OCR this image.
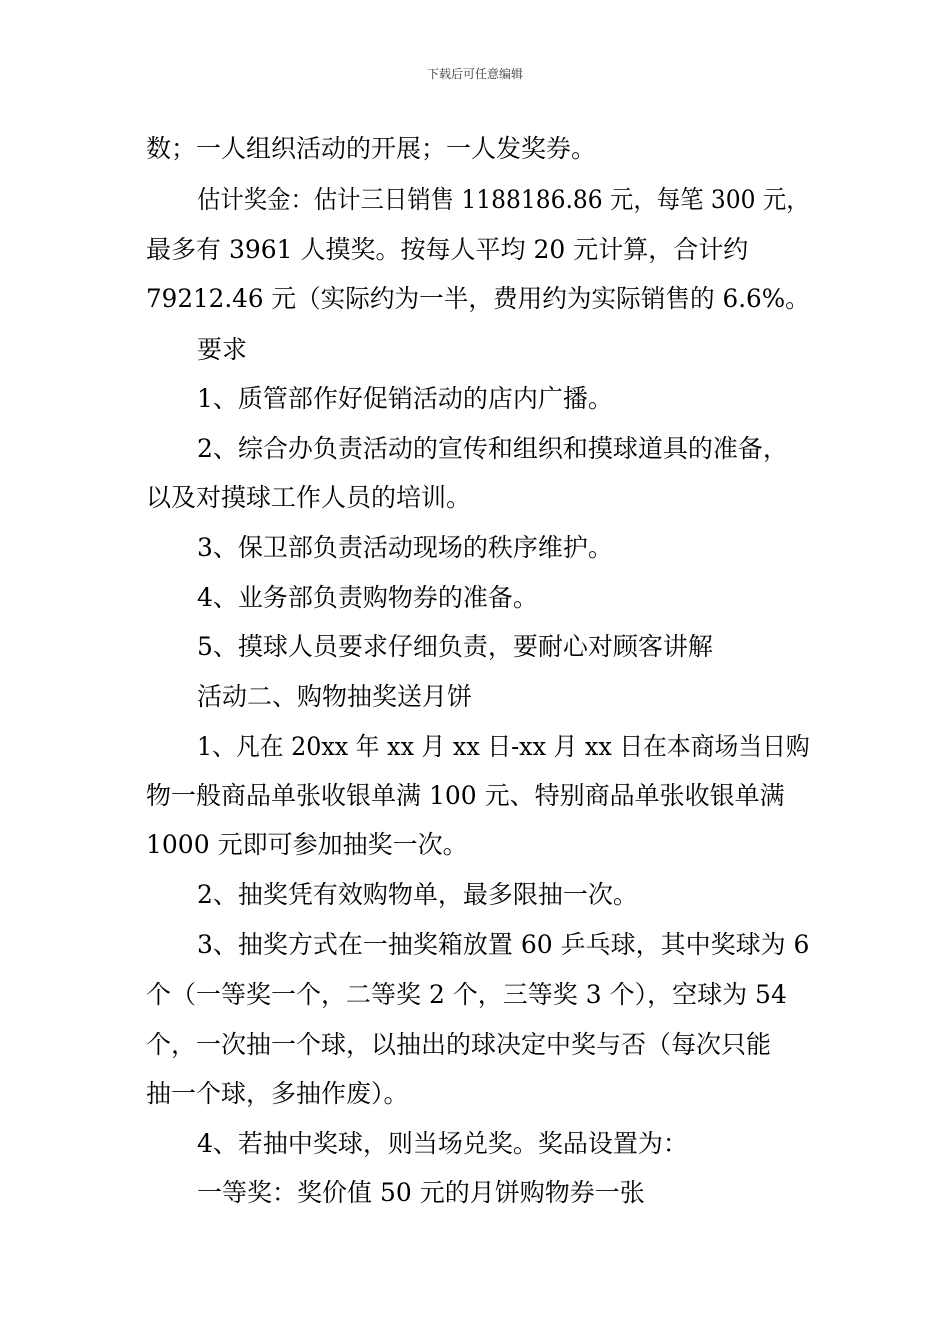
下载后可任意编辑
数；一人组织活动的开展；一人发奖券。
估计奖金：估计三日销售 1188186.86 元，每笔 300 元，
最多有 3961 人摸奖。按每人平均 20 元计算，合计约
79212.46 元（实际约为一半，费用约为实际销售的 6.6%。
要求
1、质管部作好促销活动的店内广播。
2、综合办负责活动的宣传和组织和摸球道具的准备，
以及对摸球工作人员的培训。
3、保卫部负责活动现场的秩序维护。
4、业务部负责购物券的准备。
5、摸球人员要求仔细负责，要耐心对顾客讲解
活动二、购物抽奖送月饼
1、凡在 20xx 年 xx 月 xx 日-xx 月 xx 日在本商场当日购
物一般商品单张收银单满 100 元、特别商品单张收银单满
1000 元即可参加抽奖一次。
2、抽奖凭有效购物单，最多限抽一次。
3、抽奖方式在一抽奖箱放置 60 乒乓球，其中奖球为 6
个（一等奖一个，二等奖 2 个，三等奖 3 个），空球为 54
个，一次抽一个球，以抽出的球决定中奖与否（每次只能
抽一个球，多抽作废）。
4、若抽中奖球，则当场兑奖。奖品设置为：
一等奖：奖价值 50 元的月饼购物券一张
